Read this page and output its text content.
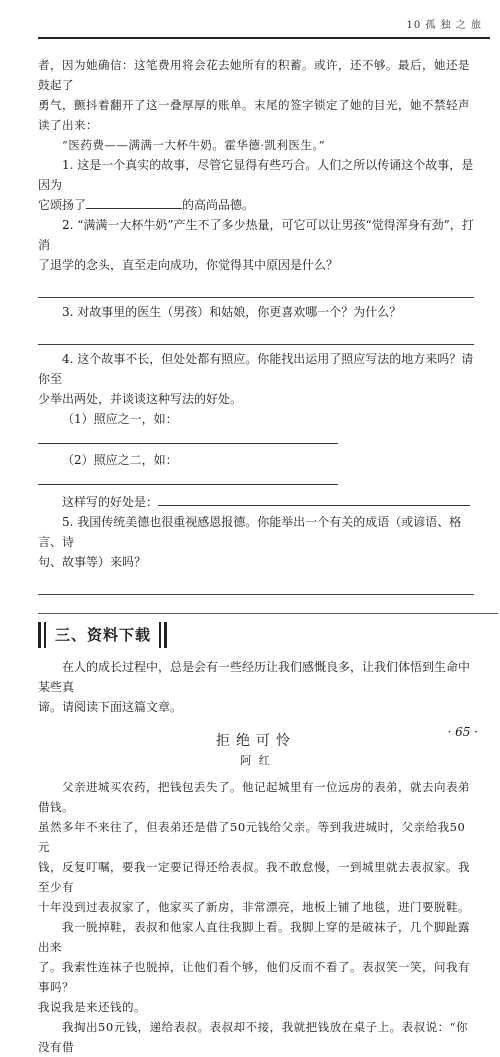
10 孤 独 之 旅

者，因为她确信：这笔费用将会花去她所有的积蓄。或许，还不够。最后，她还是鼓起了

勇气，颤抖着翻开了这一叠厚厚的账单。末尾的签字锁定了她的目光，她不禁轻声读了出来：

“医药费——满满一大杯牛奶。霍华德·凯利医生。”

1. 这是一个真实的故事，尽管它显得有些巧合。人们之所以传诵这个故事，是因为

它颂扬了	的高尚品德。

2. “满满一大杯牛奶”产生不了多少热量，可它可以让男孩“觉得浑身有劲”，打消

了退学的念头，直至走向成功，你觉得其中原因是什么？

3. 对故事里的医生（男孩）和姑娘，你更喜欢哪一个？为什么？

4. 这个故事不长，但处处都有照应。你能找出运用了照应写法的地方来吗？请你至

少举出两处，并谈谈这种写法的好处。

（1）照应之一，如：

（2）照应之二，如：

这样写的好处是：

5. 我国传统美德也很重视感恩报德。你能举出一个有关的成语（或谚语、格言、诗

句、故事等）来吗？

三、资料下载

在人的成长过程中，总是会有一些经历让我们感慨良多，让我们体悟到生命中某些真

谛。请阅读下面这篇文章。

拒绝可怜
阿 红

父亲进城买农药，把钱包丢失了。他记起城里有一位远房的表弟，就去向表弟借钱。

虽然多年不来往了，但表弟还是借了50元钱给父亲。等到我进城时，父亲给我50元

钱，反复叮嘱，要我一定要记得还给表叔。我不敢怠慢，一到城里就去表叔家。我至少有

十年没到过表叔家了，他家买了新房，非常漂亮，地板上铺了地毯，进门要脱鞋。

我一脱掉鞋，表叔和他家人直往我脚上看。我脚上穿的是破袜子，几个脚趾露出来

了。我索性连袜子也脱掉，让他们看个够，他们反而不看了。表叔笑一笑，问我有事吗？

我说我是来还钱的。

我掏出50元钱，递给表叔。表叔却不接，我就把钱放在桌子上。表叔说：“你没有借

· 65 ·
